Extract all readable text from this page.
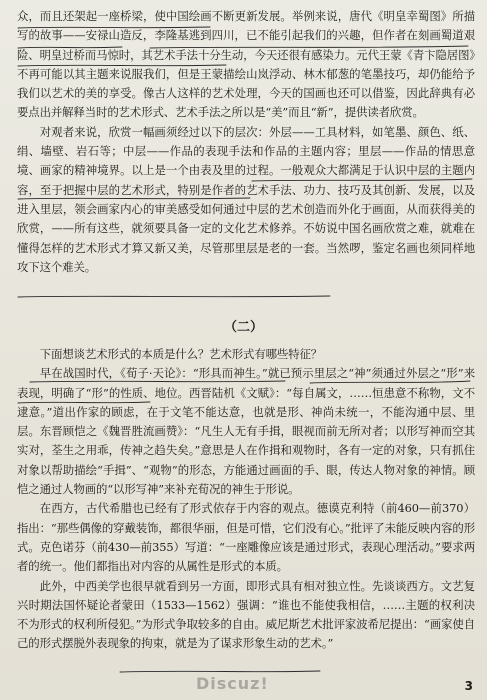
众，而且还架起一座桥梁，使中国绘画不断更新发展。举例来说，唐代《明皇幸蜀图》所描写的故事——安禄山造反，李隆基逃到四川，已不能引起我们的兴趣，但作者在刻画蜀道艰险、明皇过桥而马惊时，其艺术手法十分生动，今天还很有感染力。元代王蒙《青卞隐居图》不再可能以其主题来说服我们，但是王蒙描绘山岚浮动、林木郁葱的笔墨技巧，却仍能给予我们以艺术的美的享受。像古人这样的艺术处理，今天的国画也还可以借鉴，因此辞典有必要点出并解释当时的艺术形式、艺术手法之所以是“美”而且“新”，提供读者欣赏。

对观者来说，欣赏一幅画须经过以下的层次：外层——工具材料，如笔墨、颜色、纸、绢、墙壁、岩石等；中层——作品的表现手法和作品的主题内容；里层——作品的情思意境、画家的精神境界。以上是一个由表及里的过程。一般观众大都满足于认识中层的主题内容，至于把握中层的艺术形式，特别是作者的艺术手法、功力、技巧及其创新、发展，以及进入里层，领会画家内心的审美感受如何通过中层的艺术创造而外化于画面，从而获得美的欣赏，——所有这些，就须要具备一定的文化艺术修养。不妨说中国名画欣赏之难，就难在懂得怎样的艺术形式才算又新又美，尽管那里层是老的一套。当然啰，鉴定名画也须同样地攻下这个难关。

（二）

下面想谈艺术形式的本质是什么？艺术形式有哪些特征？

早在战国时代，《荀子·天论》：“形具而神生。”就已预示里层之“神”须通过外层之“形”来表现，明确了“形”的性质、地位。西晋陆机《文赋》：“每自属文，……恒患意不称物，文不逮意。”道出作家的顾虑，在于文笔不能达意，也就是形、神尚未统一，不能沟通中层、里层。东晋顾恺之《魏晋胜流画赞》：“凡生人无有手揖，眼视而前无所对者；以形写神而空其实对，荃生之用乖，传神之趋失矣。”意思是人在作揖和观物时，各有一定的对象，只有抓住对象以帮助描绘“手揖”、“观物”的形态，方能通过画面的手、眼，传达人物对象的神情。顾恺之通过人物画的“以形写神”来补充荀况的神生于形说。

在西方，古代希腊也已经有了形式依存于内容的观点。德谟克利特（前460—前370）指出：“那些偶像的穿戴装饰，都很华丽，但是可惜，它们没有心。”批评了未能反映内容的形式。克色诺芬（前430—前355）写道：“一座雕像应该是通过形式，表现心理活动。”要求两者的统一。他们都指出对内容的从属性是形式的本质。

此外，中西美学也很早就看到另一方面，即形式具有相对独立性。先谈谈西方。文艺复兴时期法国怀疑论者蒙田（1533—1562）强调：“谁也不能使我相信，……主题的权利决不为形式的权利所侵犯。”为形式争取较多的自由。威尼斯艺术批评家波希尼提出：“画家使自己的形式摆脱外表现象的拘束，就是为了谋求形象生动的艺术。”

Discuz!	3
